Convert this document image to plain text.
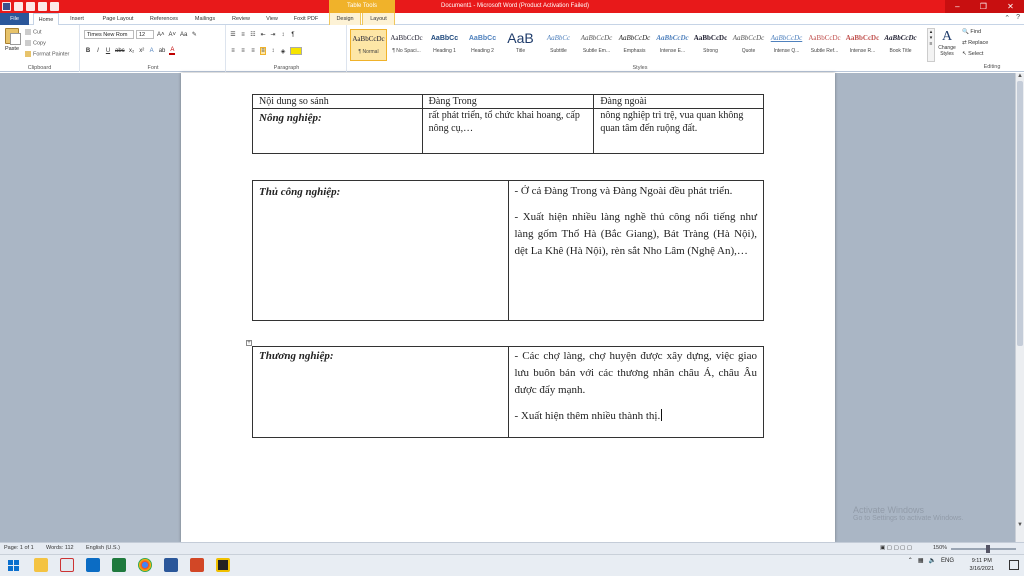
Table Tools	Document1 - Microsoft Word (Product Activation Failed)	–	❐	✕
File	Home	Insert	Page Layout	References	Mailings	Review	View	Foxit PDF	Design	Layout	⌃ ?
Paste
Cut
Copy
Format Painter
Clipboard
Times New Rom	12	A˄ A˅ Aa ✎
B	I	U abc x₂ x² A ab A
Font
☰ ≡ ☷ ⇤ ⇥ ↕ ¶
≡ ≡ ≡ ≡ ↕ ◈
Paragraph
AaBbCcDc
¶ Normal
AaBbCcDc
¶ No Spaci...
AaBbCc
Heading 1
AaBbCc
Heading 2
AaB
Title
AaBbCc
Subtitle
AaBbCcDc
Subtle Em...
AaBbCcDc
Emphasis
AaBbCcDc
Intense E...
AaBbCcDc
Strong
AaBbCcDc
Quote
AaBbCcDc
Intense Q...
AaBbCcDc
Subtle Ref...
AaBbCcDc
Intense R...
AaBbCcDc
Book Title
Styles
▴
▾
≡ A
Change Styles
🔍 Find
⇄ Replace
↖ Select
Editing
▲
▼
Nội dung so sánh	Đàng Trong	Đàng ngoài
Nông nghiệp:	rất phát triển, tổ chức khai hoang, cấp nông cụ,…	nông nghiệp trì trệ, vua quan không quan tâm đến ruộng đất.
Thủ công nghiệp:	- Ở cả Đàng Trong và Đàng Ngoài đều phát triển.

- Xuất hiện nhiều làng nghề thủ công nổi tiếng như làng gốm Thổ Hà (Bắc Giang), Bát Tràng (Hà Nội), dệt La Khê (Hà Nội), rèn sắt Nho Lâm (Nghệ An),…

+
Thương nghiệp:	- Các chợ làng, chợ huyện được xây dựng, việc giao lưu buôn bán với các thương nhân châu Á, châu Âu được đẩy mạnh.

- Xuất hiện thêm nhiều thành thị.

Activate Windows
Go to Settings to activate Windows.
Page: 1 of 1 Words: 112 English (U.S.)	▣ ▢ ▢ ▢ ▢	150%
⌃ ▦ 🔈 ENG	9:11 PM
3/16/2021
